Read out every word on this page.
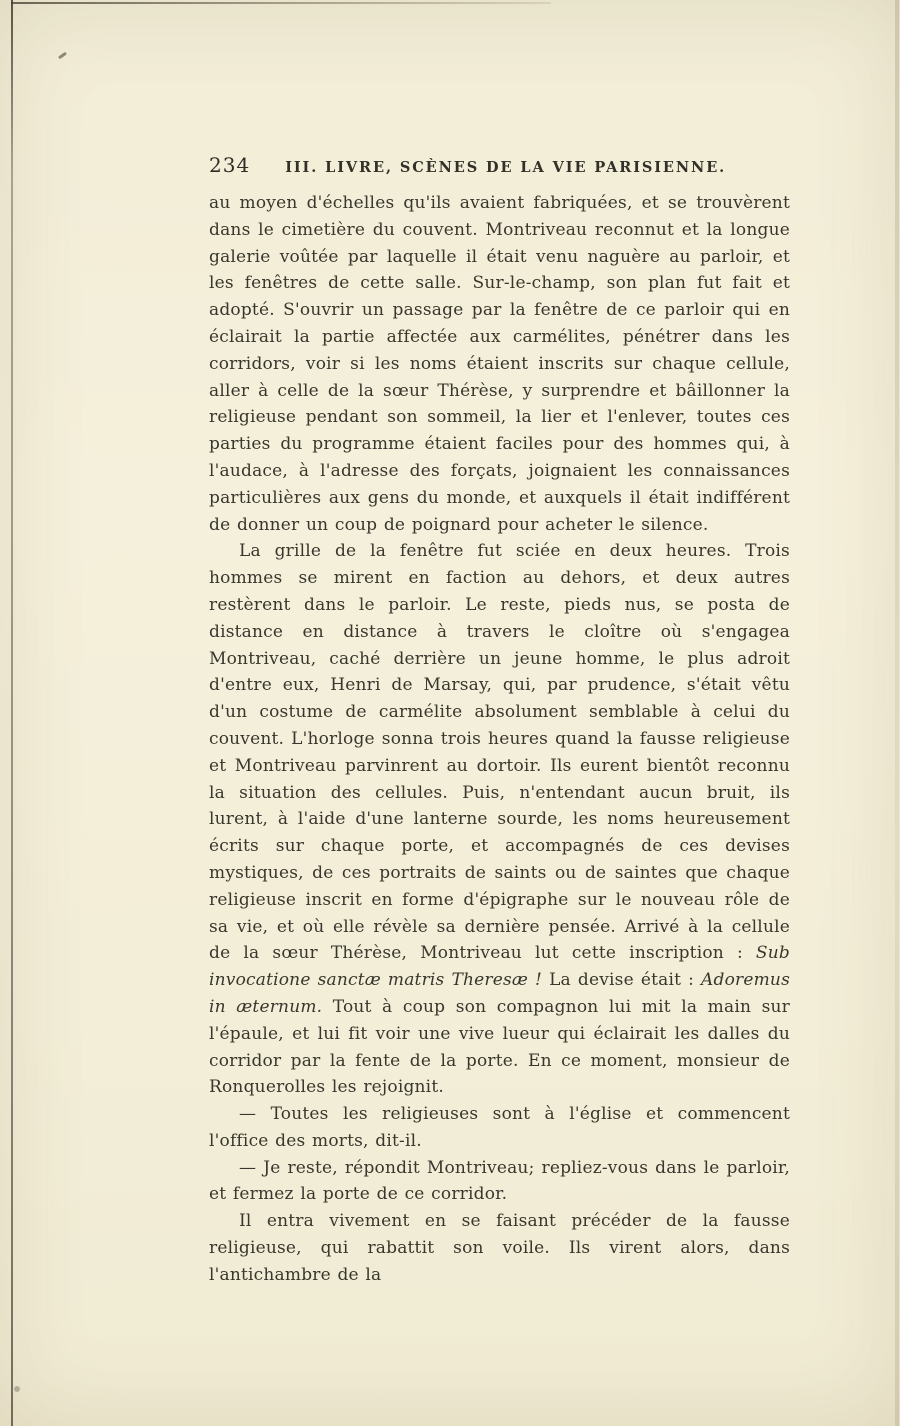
234 III. LIVRE, SCÈNES DE LA VIE PARISIENNE.

au moyen d'échelles qu'ils avaient fabriquées, et se trouvèrent dans le cimetière du couvent. Montriveau reconnut et la longue galerie voûtée par laquelle il était venu naguère au parloir, et les fenêtres de cette salle. Sur-le-champ, son plan fut fait et adopté. S'ouvrir un passage par la fenêtre de ce parloir qui en éclairait la partie affectée aux carmélites, pénétrer dans les corridors, voir si les noms étaient inscrits sur chaque cellule, aller à celle de la sœur Thérèse, y surprendre et bâillonner la religieuse pendant son sommeil, la lier et l'enlever, toutes ces parties du programme étaient faciles pour des hommes qui, à l'audace, à l'adresse des forçats, joignaient les connaissances particulières aux gens du monde, et auxquels il était indifférent de donner un coup de poignard pour acheter le silence.

La grille de la fenêtre fut sciée en deux heures. Trois hommes se mirent en faction au dehors, et deux autres restèrent dans le parloir. Le reste, pieds nus, se posta de distance en distance à travers le cloître où s'engagea Montriveau, caché derrière un jeune homme, le plus adroit d'entre eux, Henri de Marsay, qui, par prudence, s'était vêtu d'un costume de carmélite absolument semblable à celui du couvent. L'horloge sonna trois heures quand la fausse religieuse et Montriveau parvinrent au dortoir. Ils eurent bientôt reconnu la situation des cellules. Puis, n'entendant aucun bruit, ils lurent, à l'aide d'une lanterne sourde, les noms heureusement écrits sur chaque porte, et accompagnés de ces devises mystiques, de ces portraits de saints ou de saintes que chaque religieuse inscrit en forme d'épigraphe sur le nouveau rôle de sa vie, et où elle révèle sa dernière pensée. Arrivé à la cellule de la sœur Thérèse, Montriveau lut cette inscription : Sub invocatione sanctæ matris Theresæ ! La devise était : Adoremus in æternum. Tout à coup son compagnon lui mit la main sur l'épaule, et lui fit voir une vive lueur qui éclairait les dalles du corridor par la fente de la porte. En ce moment, monsieur de Ronquerolles les rejoignit.

— Toutes les religieuses sont à l'église et commencent l'office des morts, dit-il.

— Je reste, répondit Montriveau; repliez-vous dans le parloir, et fermez la porte de ce corridor.

Il entra vivement en se faisant précéder de la fausse religieuse, qui rabattit son voile. Ils virent alors, dans l'antichambre de la
